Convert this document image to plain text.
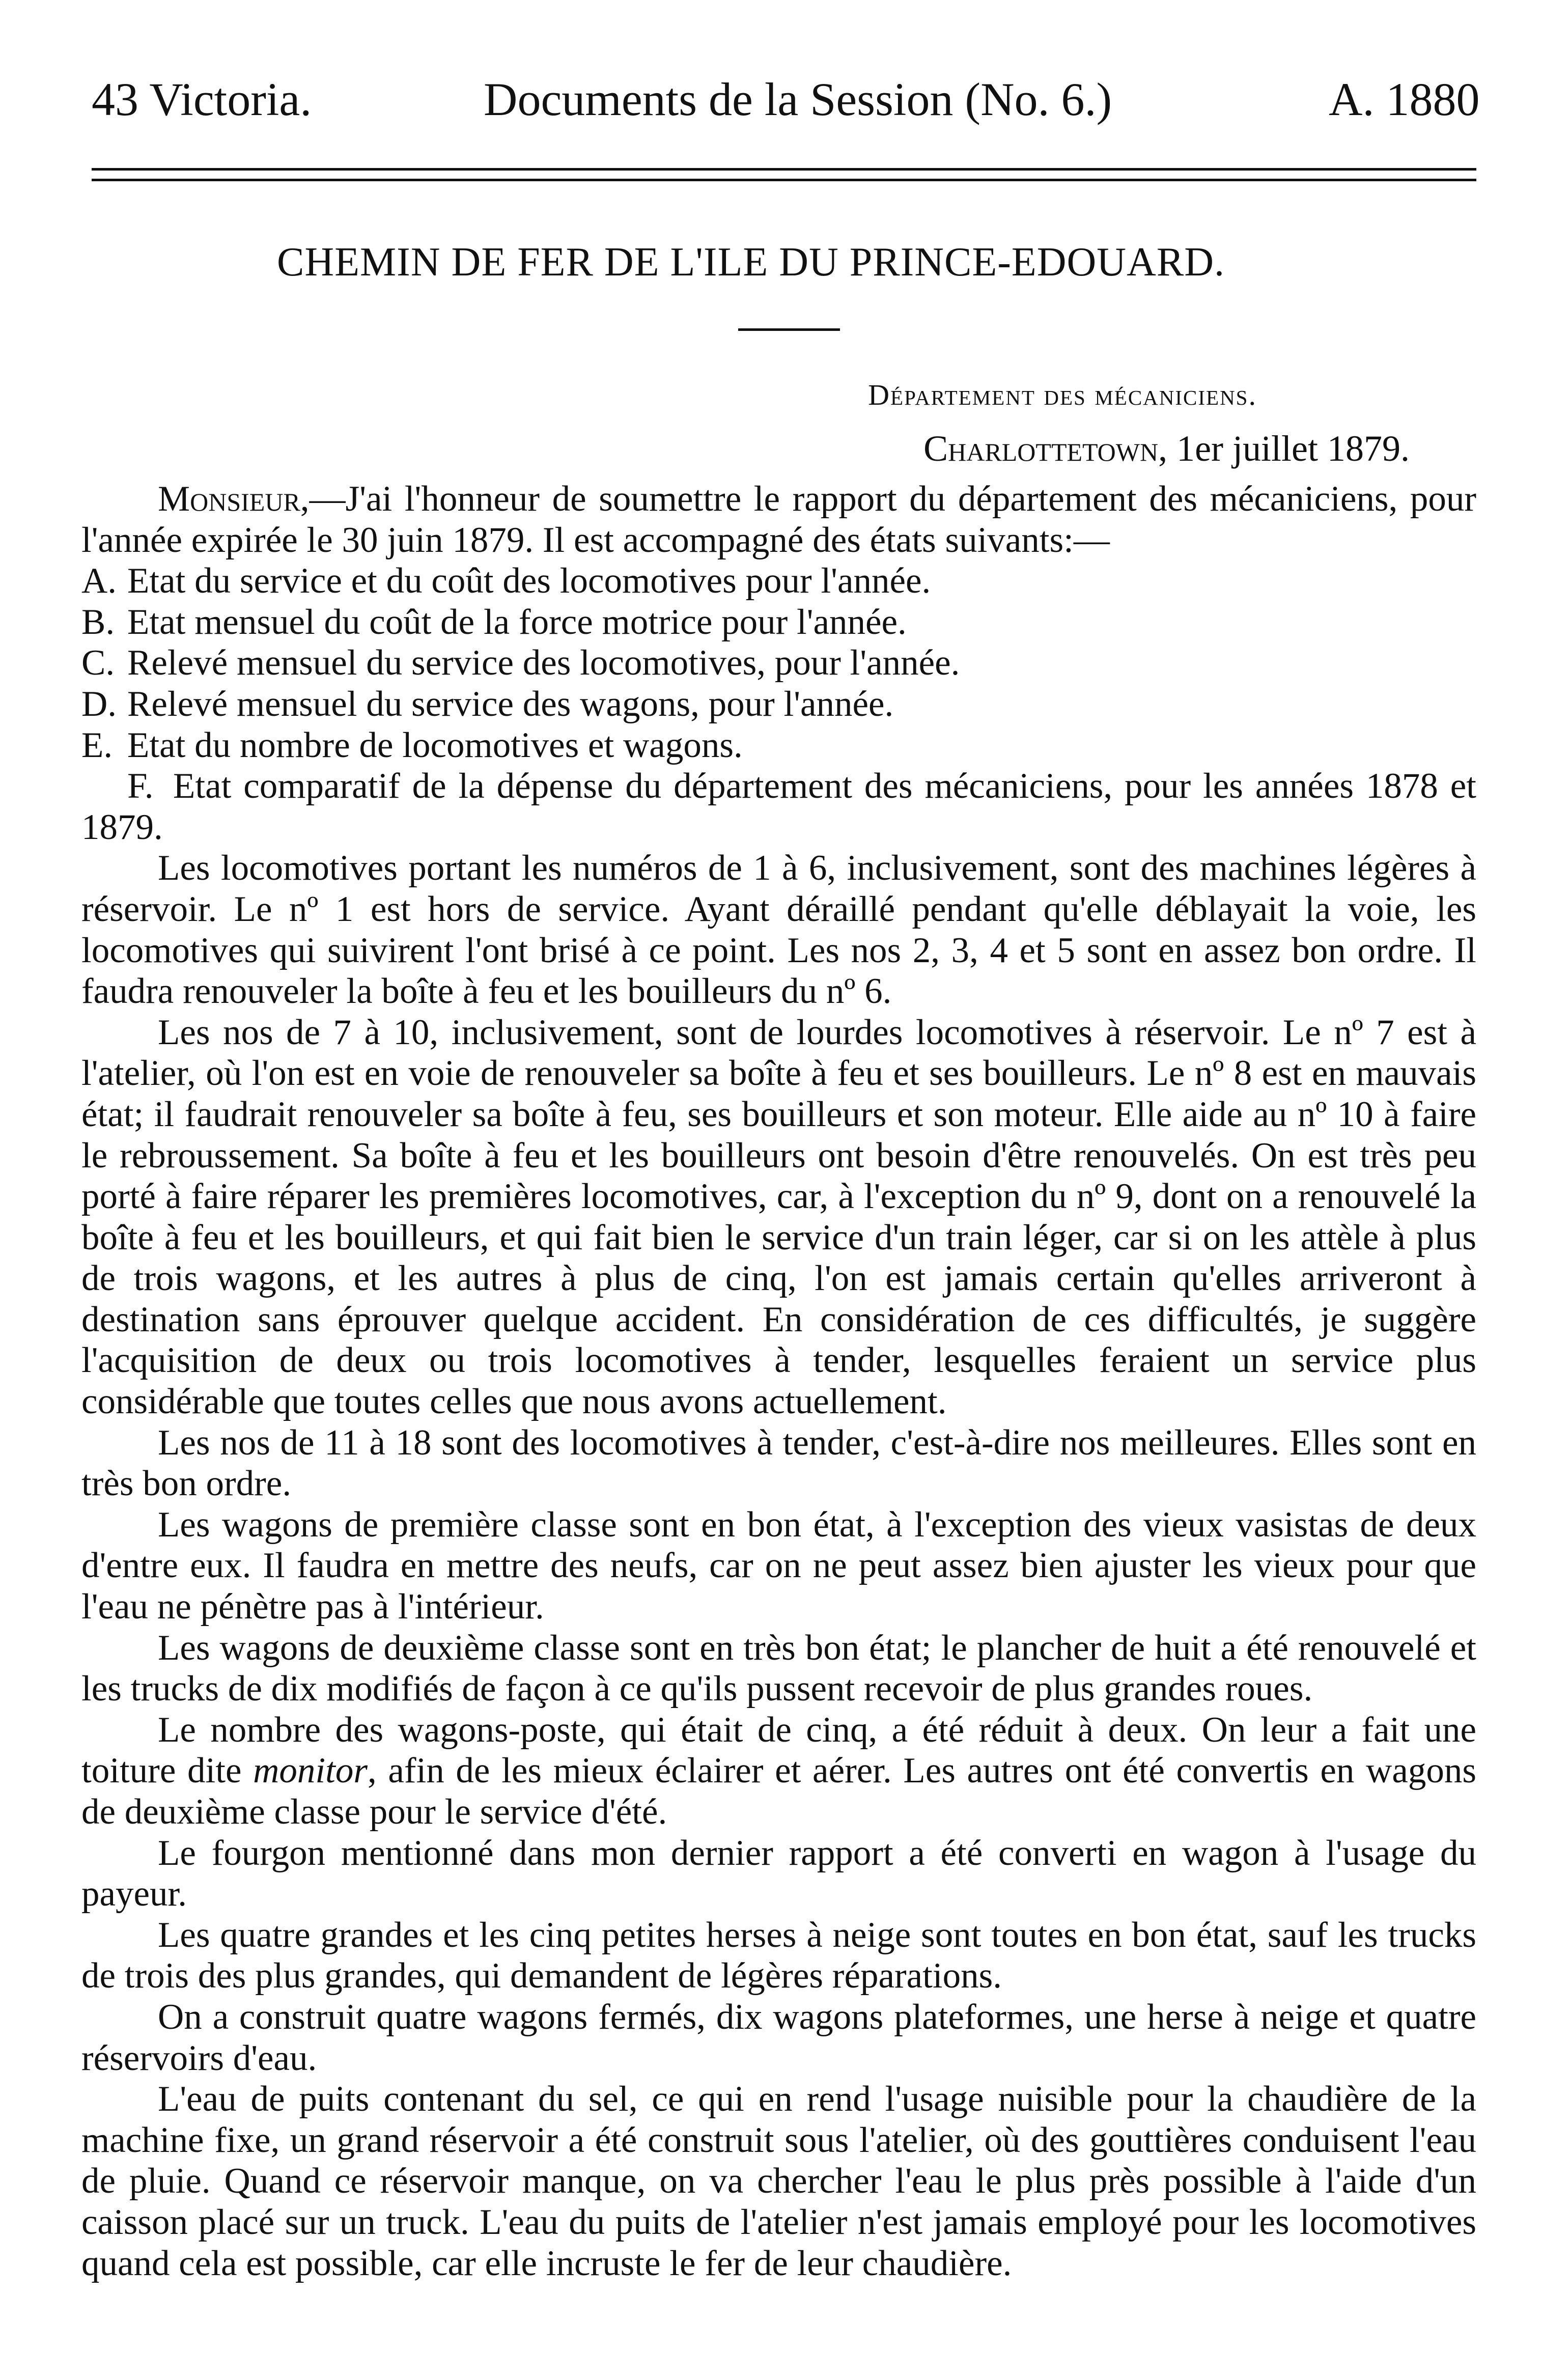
43 Victoria.	Documents de la Session (No. 6.)	A. 1880
CHEMIN DE FER DE L'ILE DU PRINCE-EDOUARD.
Département des mécaniciens.
Charlottetown, 1er juillet 1879.

Monsieur,—J'ai l'honneur de soumettre le rapport du département des mécaniciens, pour l'année expirée le 30 juin 1879. Il est accompagné des états suivants:—

A. Etat du service et du coût des locomotives pour l'année.
B. Etat mensuel du coût de la force motrice pour l'année.
C. Relevé mensuel du service des locomotives, pour l'année.
D. Relevé mensuel du service des wagons, pour l'année.
E. Etat du nombre de locomotives et wagons.
F. Etat comparatif de la dépense du département des mécaniciens, pour les années 1878 et 1879.

Les locomotives portant les numéros de 1 à 6, inclusivement, sont des machines légères à réservoir. Le nº 1 est hors de service. Ayant déraillé pendant qu'elle déblayait la voie, les locomotives qui suivirent l'ont brisé à ce point. Les nos 2, 3, 4 et 5 sont en assez bon ordre. Il faudra renouveler la boîte à feu et les bouilleurs du nº 6.

Les nos de 7 à 10, inclusivement, sont de lourdes locomotives à réservoir. Le nº 7 est à l'atelier, où l'on est en voie de renouveler sa boîte à feu et ses bouilleurs. Le nº 8 est en mauvais état; il faudrait renouveler sa boîte à feu, ses bouilleurs et son moteur. Elle aide au nº 10 à faire le rebroussement. Sa boîte à feu et les bouilleurs ont besoin d'être renouvelés. On est très peu porté à faire réparer les premières locomotives, car, à l'exception du nº 9, dont on a renouvelé la boîte à feu et les bouilleurs, et qui fait bien le service d'un train léger, car si on les attèle à plus de trois wagons, et les autres à plus de cinq, l'on est jamais certain qu'elles arriveront à destination sans éprouver quelque accident. En considération de ces difficultés, je suggère l'acquisition de deux ou trois locomotives à tender, lesquelles feraient un service plus considérable que toutes celles que nous avons actuellement.

Les nos de 11 à 18 sont des locomotives à tender, c'est-à-dire nos meilleures. Elles sont en très bon ordre.

Les wagons de première classe sont en bon état, à l'exception des vieux vasistas de deux d'entre eux. Il faudra en mettre des neufs, car on ne peut assez bien ajuster les vieux pour que l'eau ne pénètre pas à l'intérieur.

Les wagons de deuxième classe sont en très bon état; le plancher de huit a été renouvelé et les trucks de dix modifiés de façon à ce qu'ils pussent recevoir de plus grandes roues.

Le nombre des wagons-poste, qui était de cinq, a été réduit à deux. On leur a fait une toiture dite monitor, afin de les mieux éclairer et aérer. Les autres ont été convertis en wagons de deuxième classe pour le service d'été.

Le fourgon mentionné dans mon dernier rapport a été converti en wagon à l'usage du payeur.

Les quatre grandes et les cinq petites herses à neige sont toutes en bon état, sauf les trucks de trois des plus grandes, qui demandent de légères réparations.

On a construit quatre wagons fermés, dix wagons plateformes, une herse à neige et quatre réservoirs d'eau.

L'eau de puits contenant du sel, ce qui en rend l'usage nuisible pour la chaudière de la machine fixe, un grand réservoir a été construit sous l'atelier, où des gouttières conduisent l'eau de pluie. Quand ce réservoir manque, on va chercher l'eau le plus près possible à l'aide d'un caisson placé sur un truck. L'eau du puits de l'atelier n'est jamais employé pour les locomotives quand cela est possible, car elle incruste le fer de leur chaudière.
